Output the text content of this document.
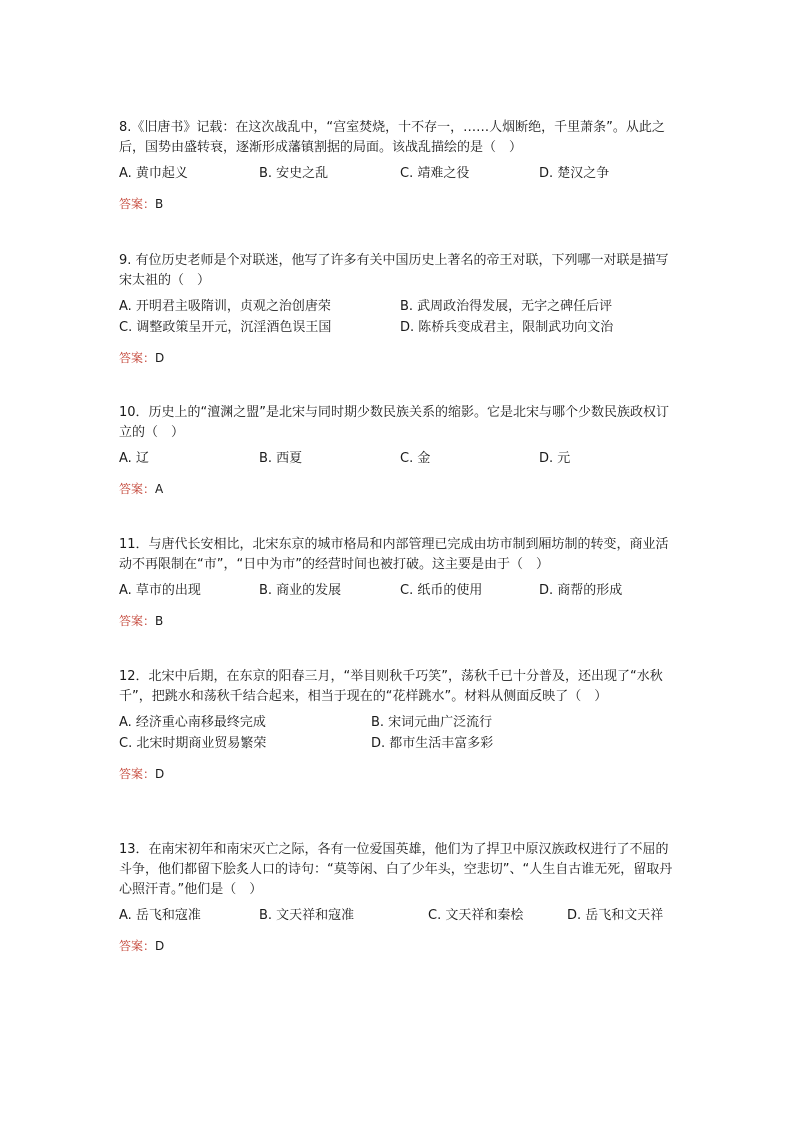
8.《旧唐书》记载：在这次战乱中，“宫室焚烧，十不存一，……人烟断绝，千里萧条”。从此之后，国势由盛转衰，逐渐形成藩镇割据的局面。该战乱描绘的是（　）

A. 黄巾起义	B. 安史之乱	C. 靖难之役	D. 楚汉之争
答案：B

9. 有位历史老师是个对联迷，他写了许多有关中国历史上著名的帝王对联，下列哪一对联是描写宋太祖的（　）

A. 开明君主吸隋训，贞观之治创唐荣	B. 武周政治得发展，无字之碑任后评
C. 调整政策呈开元，沉淫酒色误王国	D. 陈桥兵变成君主，限制武功向文治
答案：D

10．历史上的“澶渊之盟”是北宋与同时期少数民族关系的缩影。它是北宋与哪个少数民族政权订立的（　）

A. 辽	B. 西夏	C. 金	D. 元
答案：A

11．与唐代长安相比，北宋东京的城市格局和内部管理已完成由坊市制到厢坊制的转变，商业活动不再限制在“市”，“日中为市”的经营时间也被打破。这主要是由于（　）

A. 草市的出现	B. 商业的发展	C. 纸币的使用	D. 商帮的形成
答案：B

12．北宋中后期，在东京的阳春三月，“举目则秋千巧笑”，荡秋千已十分普及，还出现了“水秋千”，把跳水和荡秋千结合起来，相当于现在的“花样跳水”。材料从侧面反映了（　）

A. 经济重心南移最终完成	B. 宋词元曲广泛流行
C. 北宋时期商业贸易繁荣	D. 都市生活丰富多彩
答案：D

13．在南宋初年和南宋灭亡之际，各有一位爱国英雄，他们为了捍卫中原汉族政权进行了不屈的斗争，他们都留下脍炙人口的诗句：“莫等闲、白了少年头，空悲切”、“人生自古谁无死，留取丹心照汗青。”他们是（　）

A. 岳飞和寇准	B. 文天祥和寇准	C. 文天祥和秦桧	D. 岳飞和文天祥
答案：D
